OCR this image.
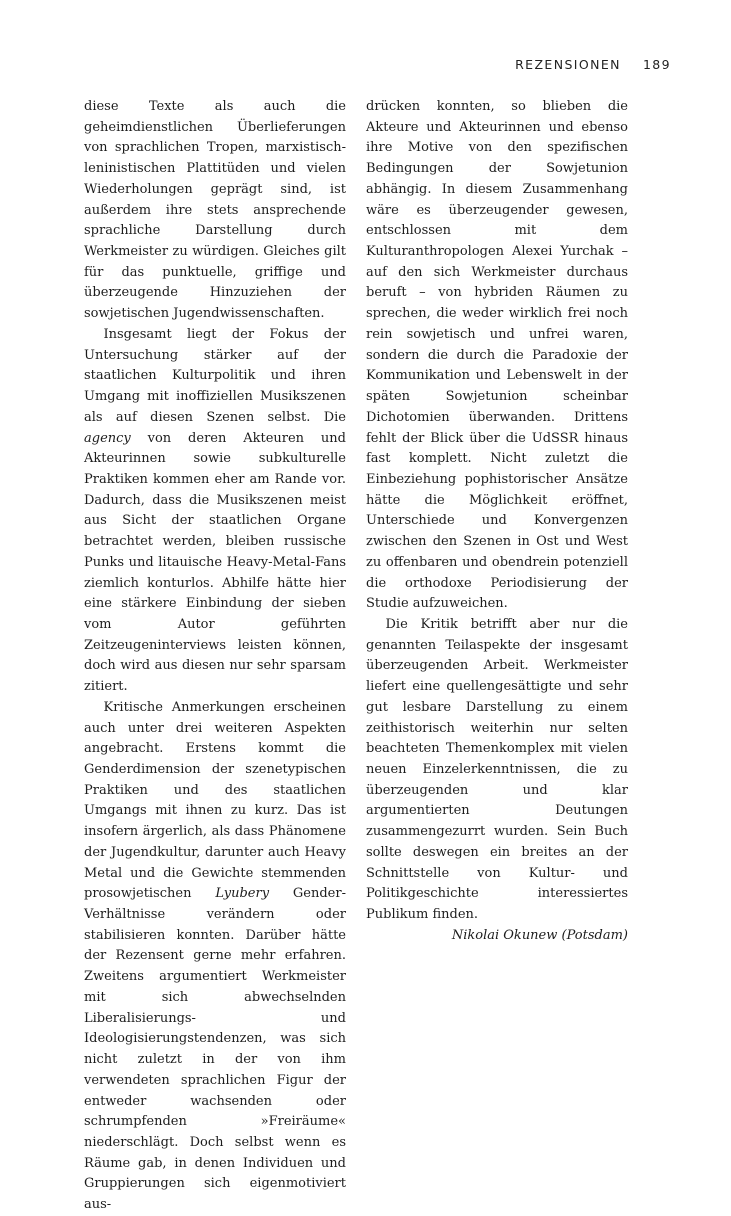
REZENSIONEN 189

diese Texte als auch die geheimdienstlichen Überlieferungen von sprachlichen Tropen, marxistisch-leninistischen Plattitüden und vielen Wiederholungen geprägt sind, ist außerdem ihre stets ansprechende sprachliche Darstellung durch Werkmeister zu würdigen. Gleiches gilt für das punktuelle, griffige und überzeugende Hinzuziehen der sowjetischen Jugendwissenschaften.

Insgesamt liegt der Fokus der Untersuchung stärker auf der staatlichen Kulturpolitik und ihren Umgang mit inoffiziellen Musikszenen als auf diesen Szenen selbst. Die agency von deren Akteuren und Akteurinnen sowie subkulturelle Praktiken kommen eher am Rande vor. Dadurch, dass die Musikszenen meist aus Sicht der staatlichen Organe betrachtet werden, bleiben russische Punks und litauische Heavy-Metal-Fans ziemlich konturlos. Abhilfe hätte hier eine stärkere Einbindung der sieben vom Autor geführten Zeitzeugeninterviews leisten können, doch wird aus diesen nur sehr sparsam zitiert.

Kritische Anmerkungen erscheinen auch unter drei weiteren Aspekten angebracht. Erstens kommt die Genderdimension der szenetypischen Praktiken und des staatlichen Umgangs mit ihnen zu kurz. Das ist insofern ärgerlich, als dass Phänomene der Jugendkultur, darunter auch Heavy Metal und die Gewichte stemmenden prosowjetischen Lyubery Gender-Verhältnisse verändern oder stabilisieren konnten. Darüber hätte der Rezensent gerne mehr erfahren. Zweitens argumentiert Werkmeister mit sich abwechselnden Liberalisierungs- und Ideologisierungstendenzen, was sich nicht zuletzt in der von ihm verwendeten sprachlichen Figur der entweder wachsenden oder schrumpfenden »Freiräume« niederschlägt. Doch selbst wenn es Räume gab, in denen Individuen und Gruppierungen sich eigenmotiviert aus-

drücken konnten, so blieben die Akteure und Akteurinnen und ebenso ihre Motive von den spezifischen Bedingungen der Sowjetunion abhängig. In diesem Zusammenhang wäre es überzeugender gewesen, entschlossen mit dem Kulturanthropologen Alexei Yurchak – auf den sich Werkmeister durchaus beruft – von hybriden Räumen zu sprechen, die weder wirklich frei noch rein sowjetisch und unfrei waren, sondern die durch die Paradoxie der Kommunikation und Lebenswelt in der späten Sowjetunion scheinbar Dichotomien überwanden. Drittens fehlt der Blick über die UdSSR hinaus fast komplett. Nicht zuletzt die Einbeziehung pophistorischer Ansätze hätte die Möglichkeit eröffnet, Unterschiede und Konvergenzen zwischen den Szenen in Ost und West zu offenbaren und obendrein potenziell die orthodoxe Periodisierung der Studie aufzuweichen.

Die Kritik betrifft aber nur die genannten Teilaspekte der insgesamt überzeugenden Arbeit. Werkmeister liefert eine quellengesättigte und sehr gut lesbare Darstellung zu einem zeithistorisch weiterhin nur selten beachteten Themenkomplex mit vielen neuen Einzelerkenntnissen, die zu überzeugenden und klar argumentierten Deutungen zusammengezurrt wurden. Sein Buch sollte deswegen ein breites an der Schnittstelle von Kultur- und Politikgeschichte interessiertes Publikum finden.

Nikolai Okunew (Potsdam)
